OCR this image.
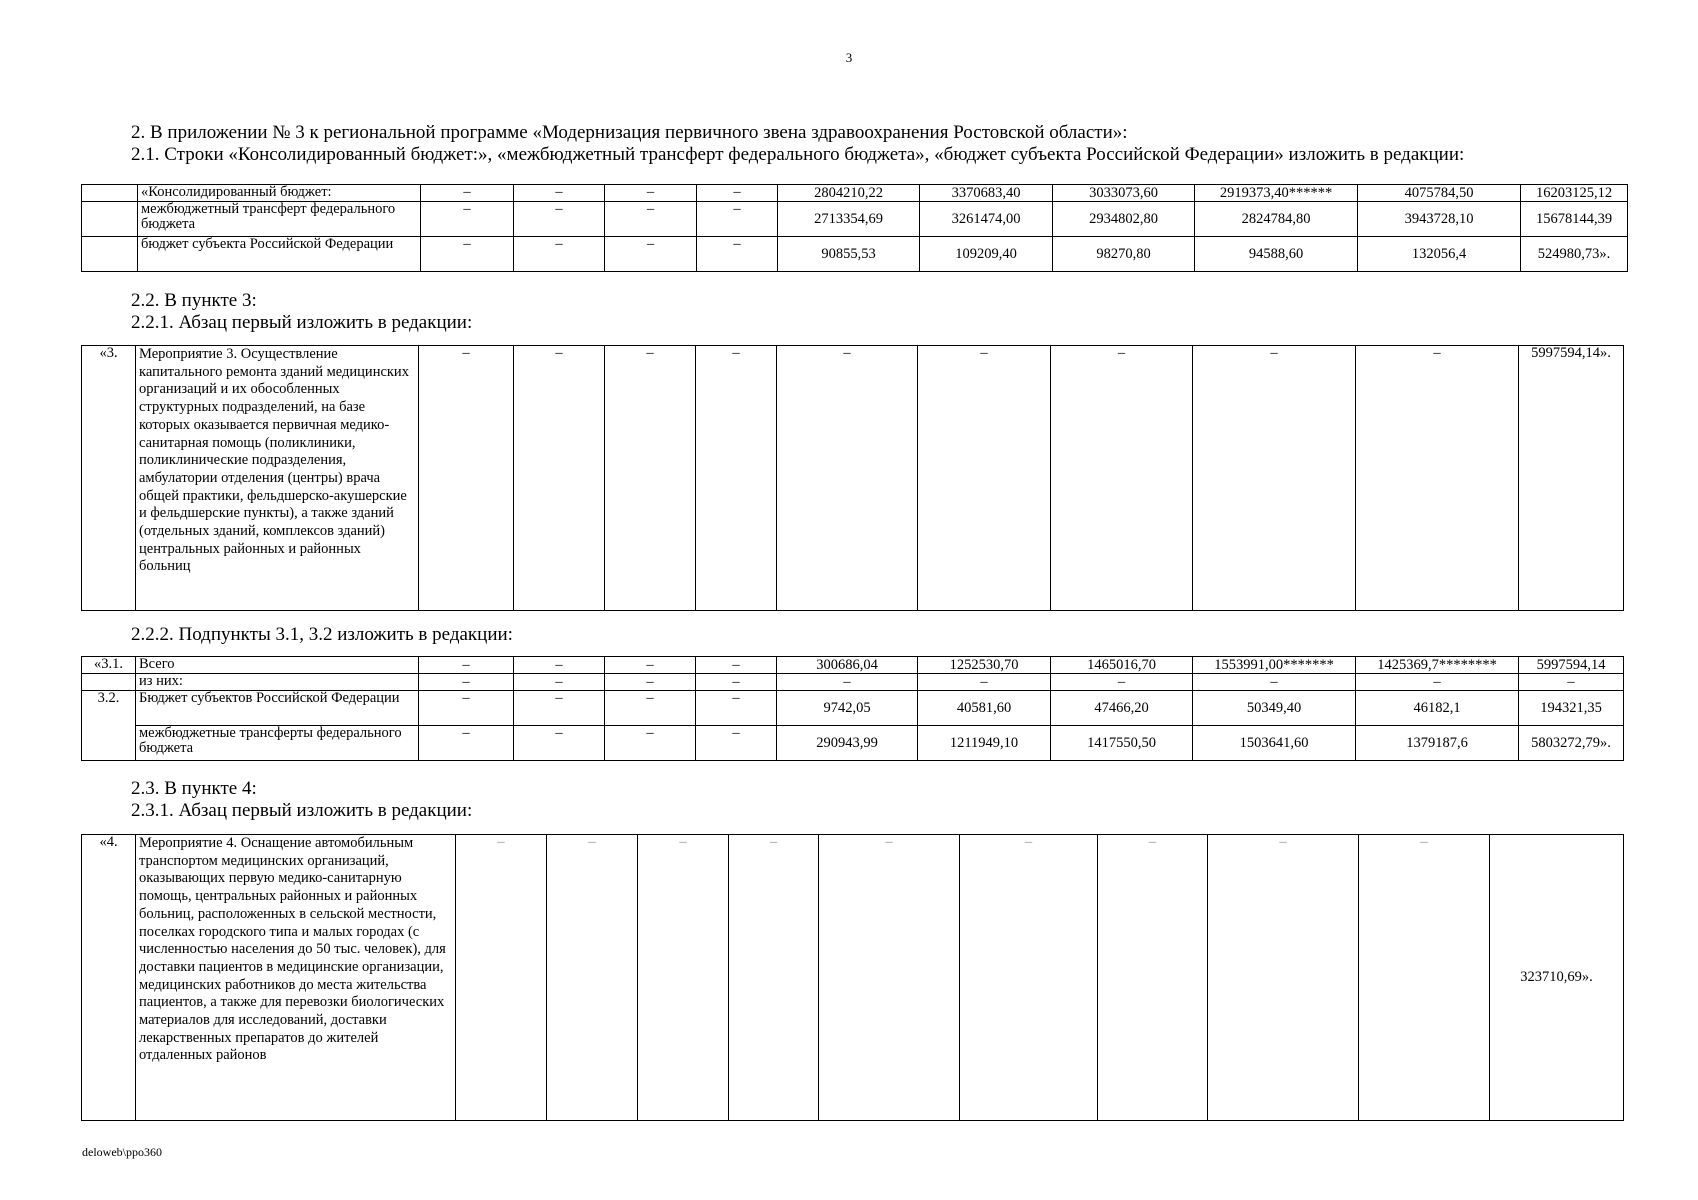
3
2. В приложении № 3 к региональной программе «Модернизация первичного звена здравоохранения Ростовской области»:
2.1. Строки «Консолидированный бюджет:», «межбюджетный трансферт федерального бюджета», «бюджет субъекта Российской Федерации» изложить в редакции:
	«Консолидированный бюджет:	–	–	–	–	2804210,22	3370683,40	3033073,60	2919373,40******	4075784,50	16203125,12
	межбюджетный трансферт федерального бюджета	–	–	–	–	2713354,69	3261474,00	2934802,80	2824784,80	3943728,10	15678144,39
	бюджет субъекта Российской Федерации	–	–	–	–	90855,53	109209,40	98270,80	94588,60	132056,4	524980,73».
2.2. В пункте 3:
2.2.1. Абзац первый изложить в редакции:
«3.	Мероприятие 3. Осуществление капитального ремонта зданий медицинских организаций и их обособленных структурных подразделений, на базе которых оказывается первичная медико-санитарная помощь (поликлиники, поликлинические подразделения, амбулатории отделения (центры) врача общей практики, фельдшерско-акушерские и фельдшерские пункты), а также зданий (отдельных зданий, комплексов зданий) центральных районных и районных больниц	–	–	–	–	–	–	–	–	–	5997594,14».
2.2.2. Подпункты 3.1, 3.2 изложить в редакции:
«3.1.	Всего	–	–	–	–	300686,04	1252530,70	1465016,70	1553991,00*******	1425369,7********	5997594,14
	из них:	–	–	–	–	–	–	–	–	–	–
3.2.	Бюджет субъектов Российской Федерации	–	–	–	–	9742,05	40581,60	47466,20	50349,40	46182,1	194321,35
	межбюджетные трансферты федерального бюджета	–	–	–	–	290943,99	1211949,10	1417550,50	1503641,60	1379187,6	5803272,79».
2.3. В пункте 4:
2.3.1. Абзац первый изложить в редакции:
«4.	Мероприятие 4. Оснащение автомобильным транспортом медицинских организаций, оказывающих первую медико-санитарную помощь, центральных районных и районных больниц, расположенных в сельской местности, поселках городского типа и малых городах (с численностью населения до 50 тыс. человек), для доставки пациентов в медицинские организации, медицинских работников до места жительства пациентов, а также для перевозки биологических материалов для исследований, доставки лекарственных препаратов до жителей отдаленных районов	–	–	–	–	–	–	–	–	–	323710,69».
deloweb\ppo360
